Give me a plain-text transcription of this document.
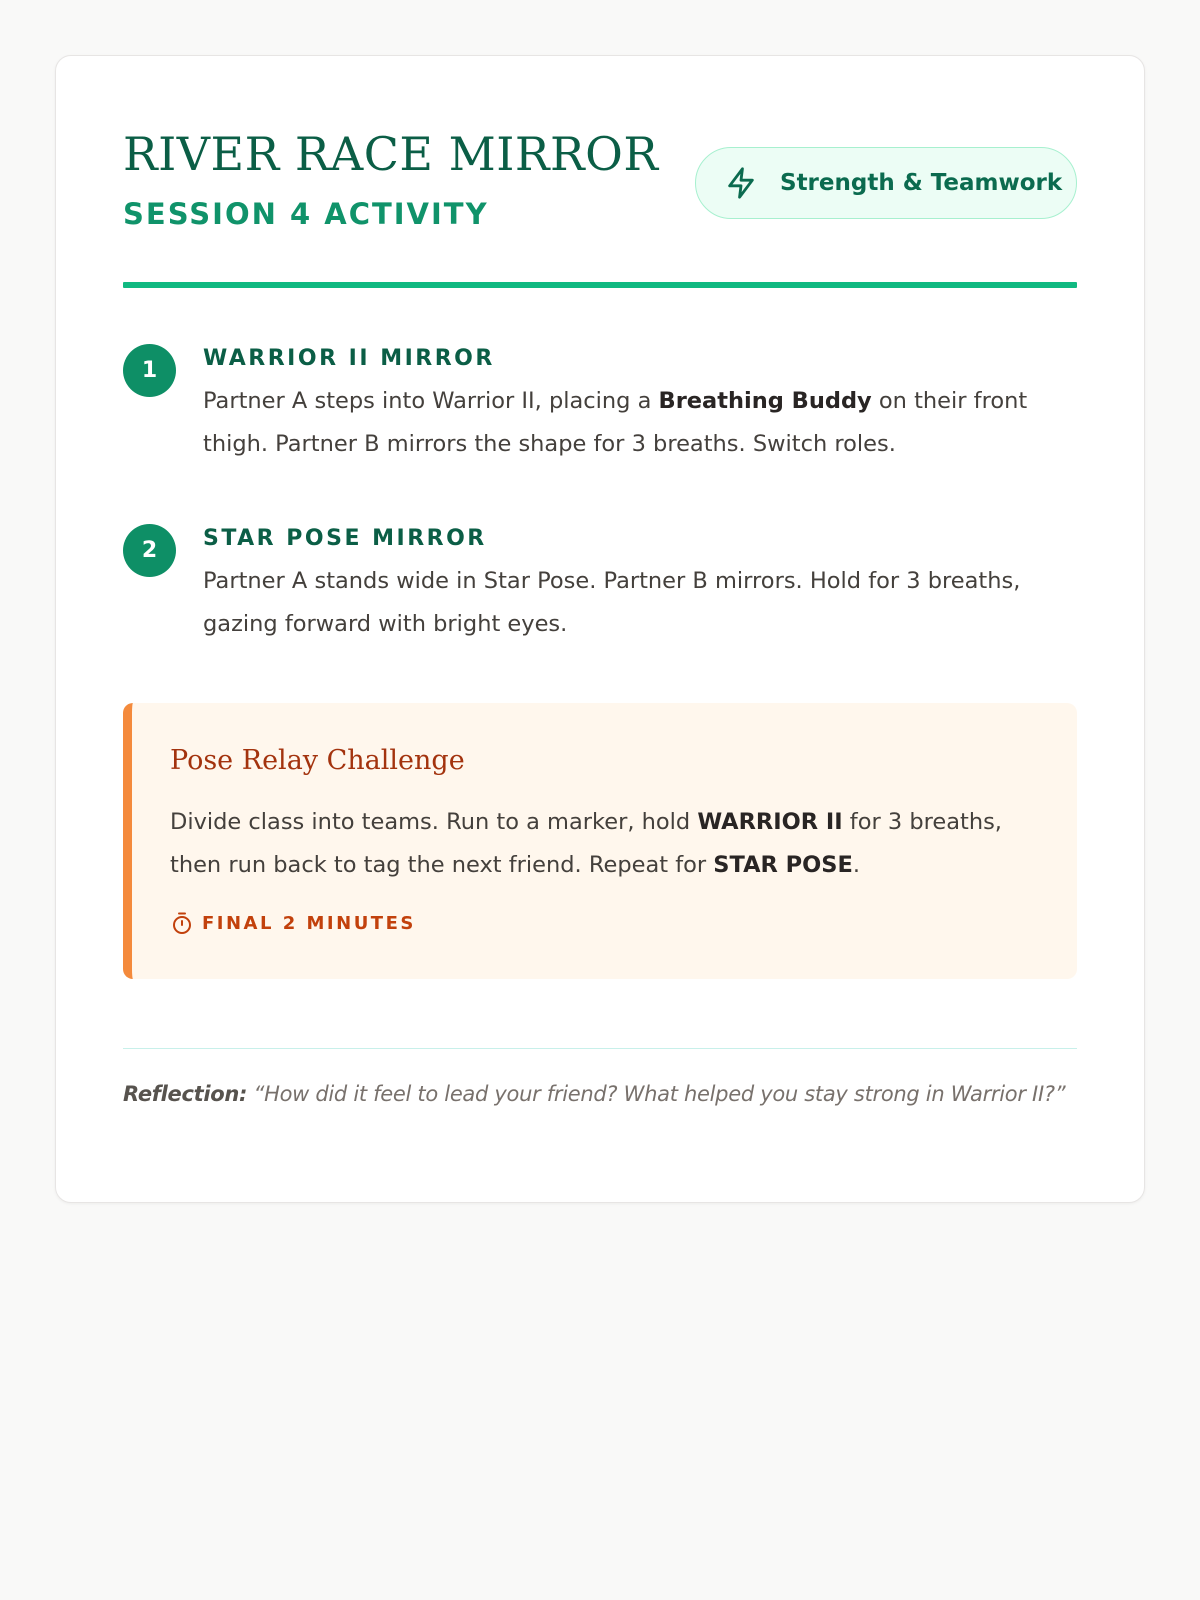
RIVER RACE MIRROR
SESSION 4 ACTIVITY
Strength & Teamwork
1	WARRIOR II MIRROR
Partner A steps into Warrior II, placing a Breathing Buddy on their front thigh. Partner B mirrors the shape for 3 breaths. Switch roles.
2	STAR POSE MIRROR
Partner A stands wide in Star Pose. Partner B mirrors. Hold for 3 breaths, gazing forward with bright eyes.
Pose Relay Challenge
Divide class into teams. Run to a marker, hold WARRIOR II for 3 breaths, then run back to tag the next friend. Repeat for STAR POSE.
FINAL 2 MINUTES
Reflection: “How did it feel to lead your friend? What helped you stay strong in Warrior II?”
